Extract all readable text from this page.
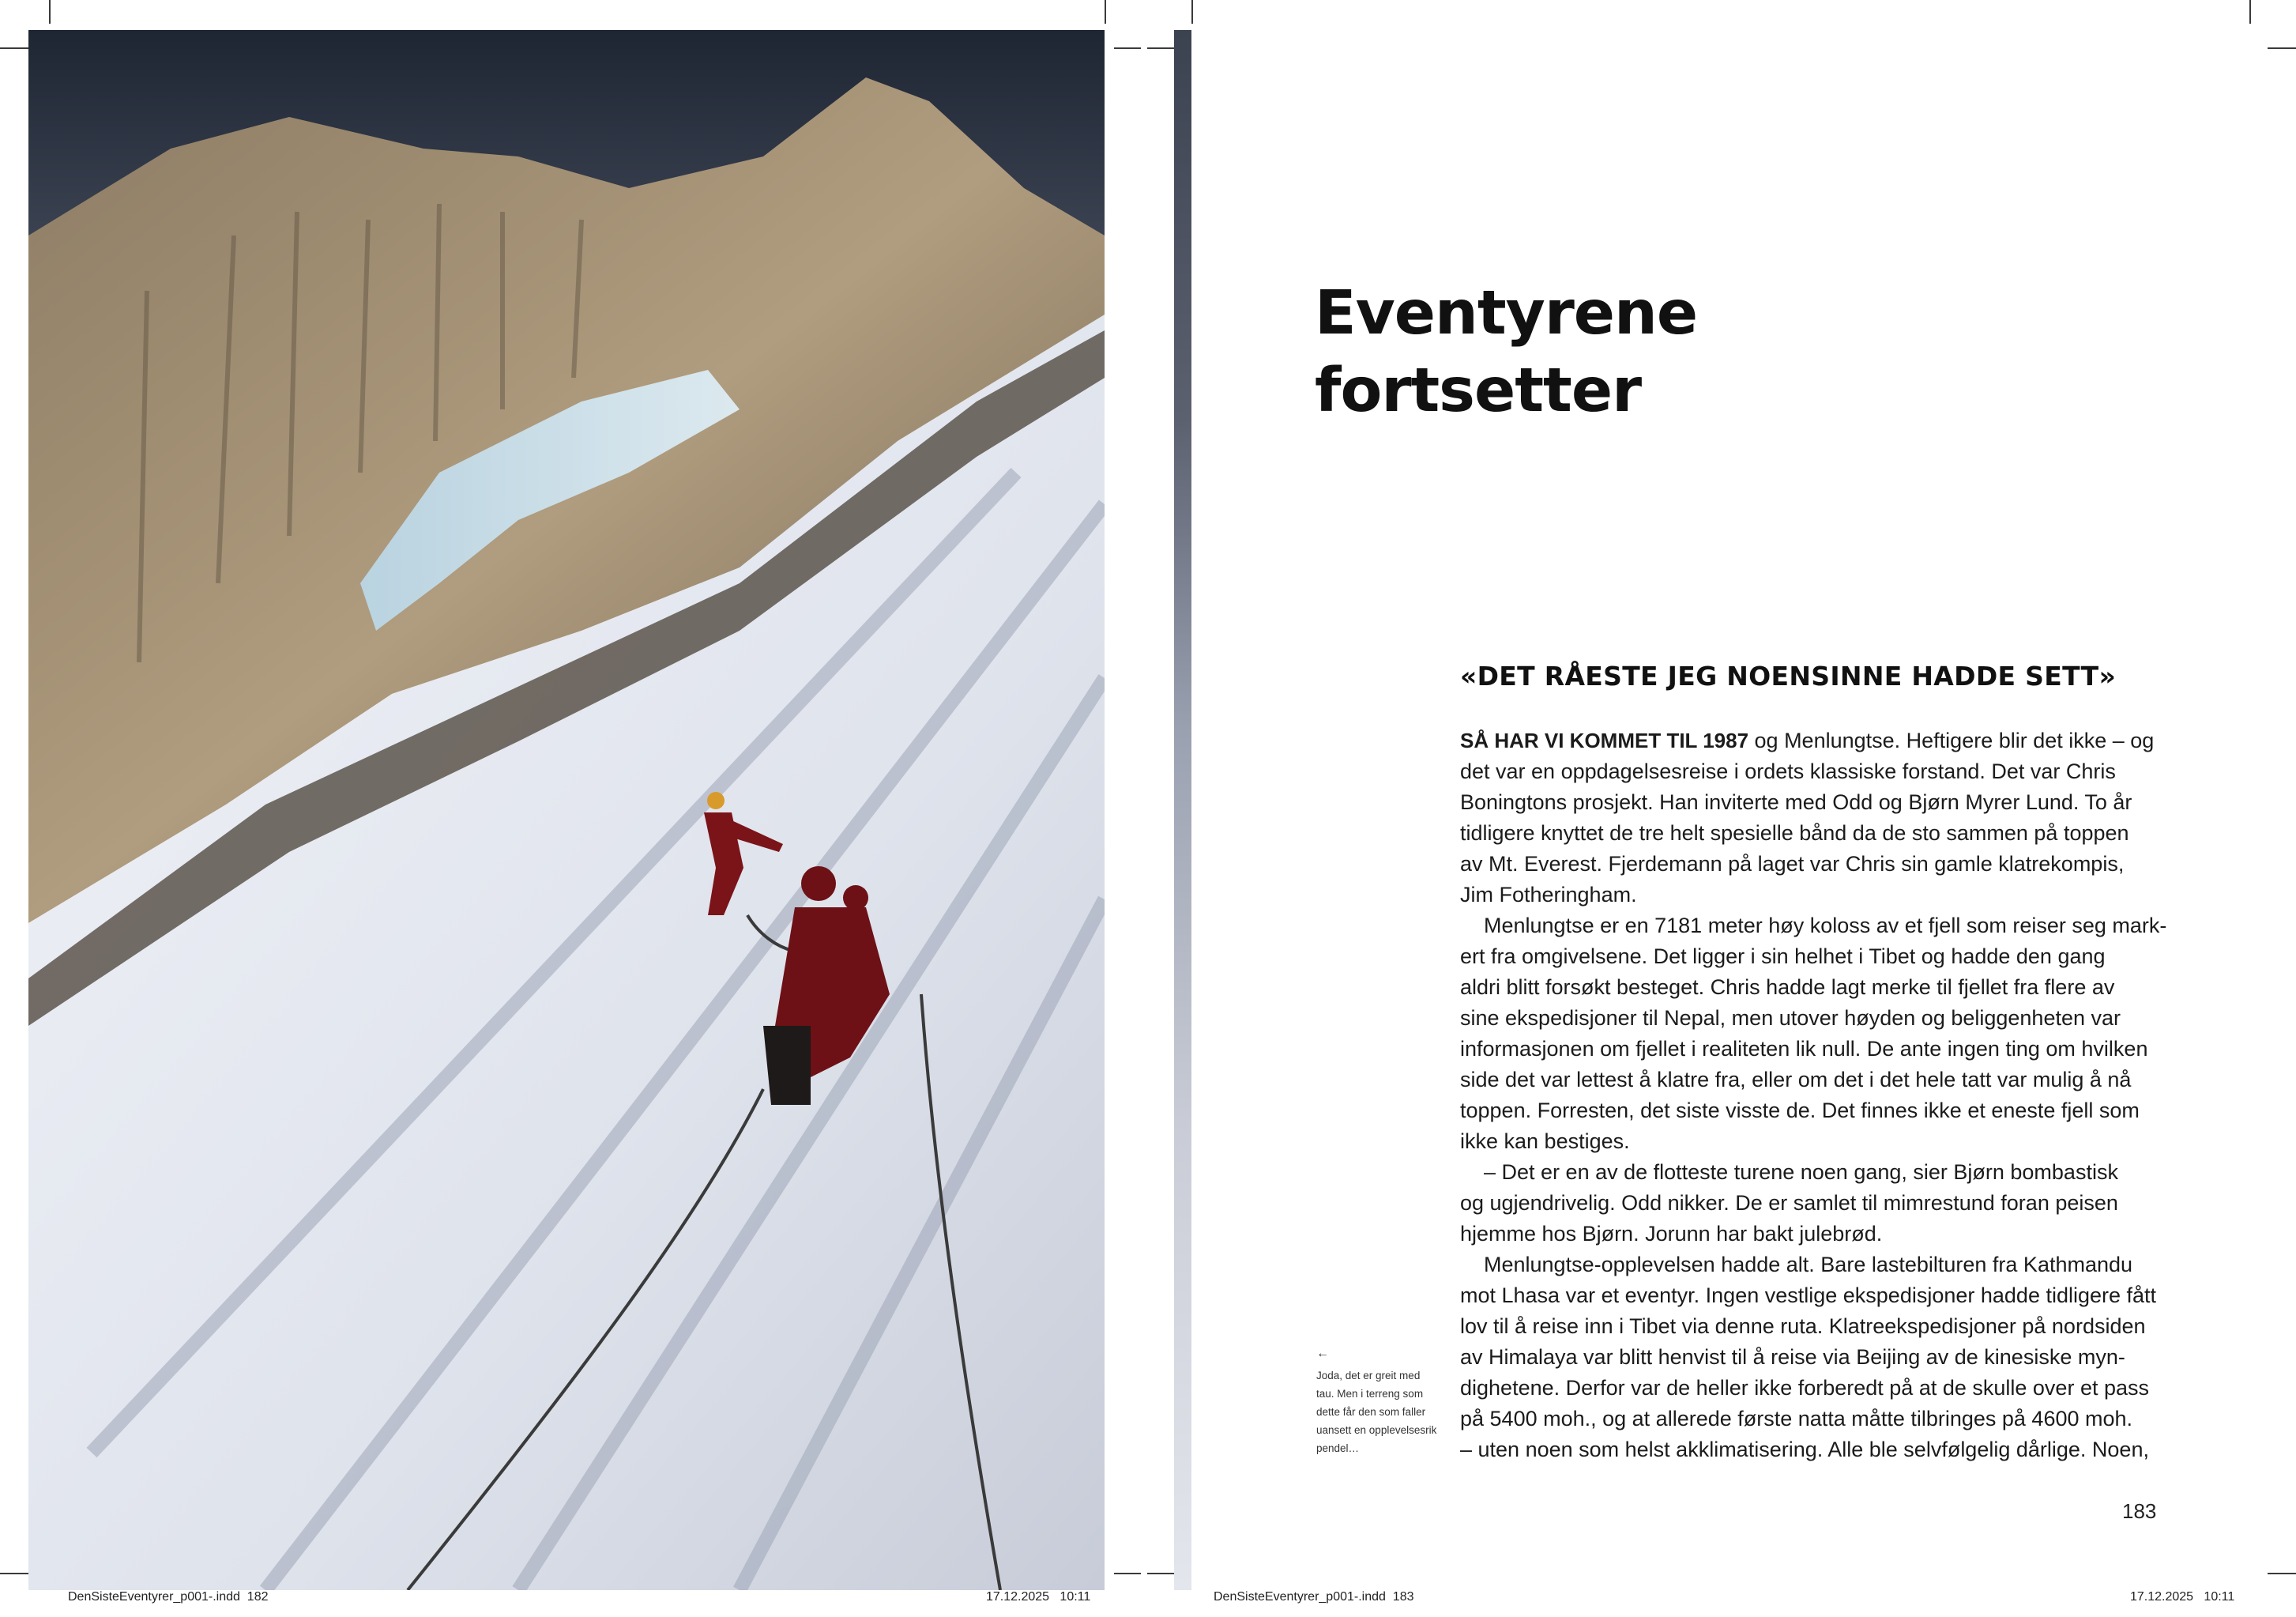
Eventyrene
fortsetter
«DET RÅESTE JEG NOENSINNE HADDE SETT»
SÅ HAR VI KOMMET TIL 1987 og Menlungtse. Heftigere blir det ikke – og
det var en oppdagelsesreise i ordets klassiske forstand. Det var Chris
Boningtons prosjekt. Han inviterte med Odd og Bjørn Myrer Lund. To år
tidligere knyttet de tre helt spesielle bånd da de sto sammen på toppen
av Mt. Everest. Fjerdemann på laget var Chris sin gamle klatrekompis,
Jim Fotheringham.
Menlungtse er en 7181 meter høy koloss av et fjell som reiser seg mark-
ert fra omgivelsene. Det ligger i sin helhet i Tibet og hadde den gang
aldri blitt forsøkt besteget. Chris hadde lagt merke til fjellet fra flere av
sine ekspedisjoner til Nepal, men utover høyden og beliggenheten var
informasjonen om fjellet i realiteten lik null. De ante ingen ting om hvilken
side det var lettest å klatre fra, eller om det i det hele tatt var mulig å nå
toppen. Forresten, det siste visste de. Det finnes ikke et eneste fjell som
ikke kan bestiges.
– Det er en av de flotteste turene noen gang, sier Bjørn bombastisk
og ugjendrivelig. Odd nikker. De er samlet til mimrestund foran peisen
hjemme hos Bjørn. Jorunn har bakt julebrød.
Menlungtse-opplevelsen hadde alt. Bare lastebilturen fra Kathmandu
mot Lhasa var et eventyr. Ingen vestlige ekspedisjoner hadde tidligere fått
lov til å reise inn i Tibet via denne ruta. Klatreekspedisjoner på nordsiden
av Himalaya var blitt henvist til å reise via Beijing av de kinesiske myn-
dighetene. Derfor var de heller ikke forberedt på at de skulle over et pass
på 5400 moh., og at allerede første natta måtte tilbringes på 4600 moh.
– uten noen som helst akklimatisering. Alle ble selvfølgelig dårlige. Noen,
←
Joda, det er greit med
tau. Men i terreng som
dette får den som faller
uansett en opplevelsesrik
pendel…
183
DenSisteEventyrer_p001-.indd 182	17.12.2025 10:11	DenSisteEventyrer_p001-.indd 183	17.12.2025 10:11
